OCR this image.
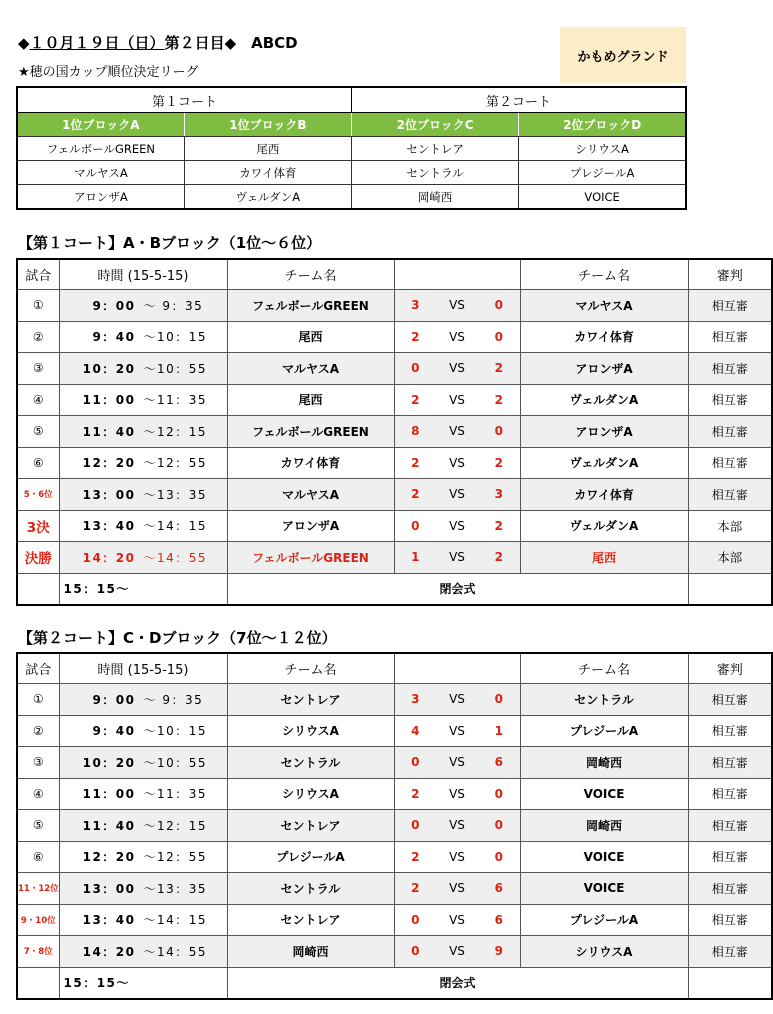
◆１０月１９日（日）第２日目◆　ABCD
★穂の国カップ順位決定リーグ
かもめグランド
第１コート		第２コート	
1位ブロックA	1位ブロックB	2位ブロックC	2位ブロックD
フェルボールGREEN	尾西	セントレア	シリウスA
マルヤスA	カワイ体育	セントラル	プレジールA
アロンザA	ヴェルダンA	岡崎西	VOICE
【第１コート】A・Bブロック（1位～６位）
試合	時間 (15-5-15)	チーム名				チーム名	審判
①	9：00 ～ 9：35	フェルボールGREEN	3	VS	0	マルヤスA	相互審
②	9：40 ～10：15	尾西	2	VS	0	カワイ体育	相互審
③	10：20 ～10：55	マルヤスA	0	VS	2	アロンザA	相互審
④	11：00 ～11：35	尾西	2	VS	2	ヴェルダンA	相互審
⑤	11：40 ～12：15	フェルボールGREEN	8	VS	0	アロンザA	相互審
⑥	12：20 ～12：55	カワイ体育	2	VS	2	ヴェルダンA	相互審
5・6位	13：00 ～13：35	マルヤスA	2	VS	3	カワイ体育	相互審
3決	13：40 ～14：15	アロンザA	0	VS	2	ヴェルダンA	本部
決勝	14：20 ～14：55	フェルボールGREEN	1	VS	2	尾西	本部
	15：15～	閉会式					
【第２コート】C・Dブロック（7位～１２位）
試合	時間 (15-5-15)	チーム名				チーム名	審判
①	9：00 ～ 9：35	セントレア	3	VS	0	セントラル	相互審
②	9：40 ～10：15	シリウスA	4	VS	1	プレジールA	相互審
③	10：20 ～10：55	セントラル	0	VS	6	岡崎西	相互審
④	11：00 ～11：35	シリウスA	2	VS	0	VOICE	相互審
⑤	11：40 ～12：15	セントレア	0	VS	0	岡崎西	相互審
⑥	12：20 ～12：55	プレジールA	2	VS	0	VOICE	相互審
11・12位	13：00 ～13：35	セントラル	2	VS	6	VOICE	相互審
9・10位	13：40 ～14：15	セントレア	0	VS	6	プレジールA	相互審
7・8位	14：20 ～14：55	岡崎西	0	VS	9	シリウスA	相互審
	15：15～	閉会式					
